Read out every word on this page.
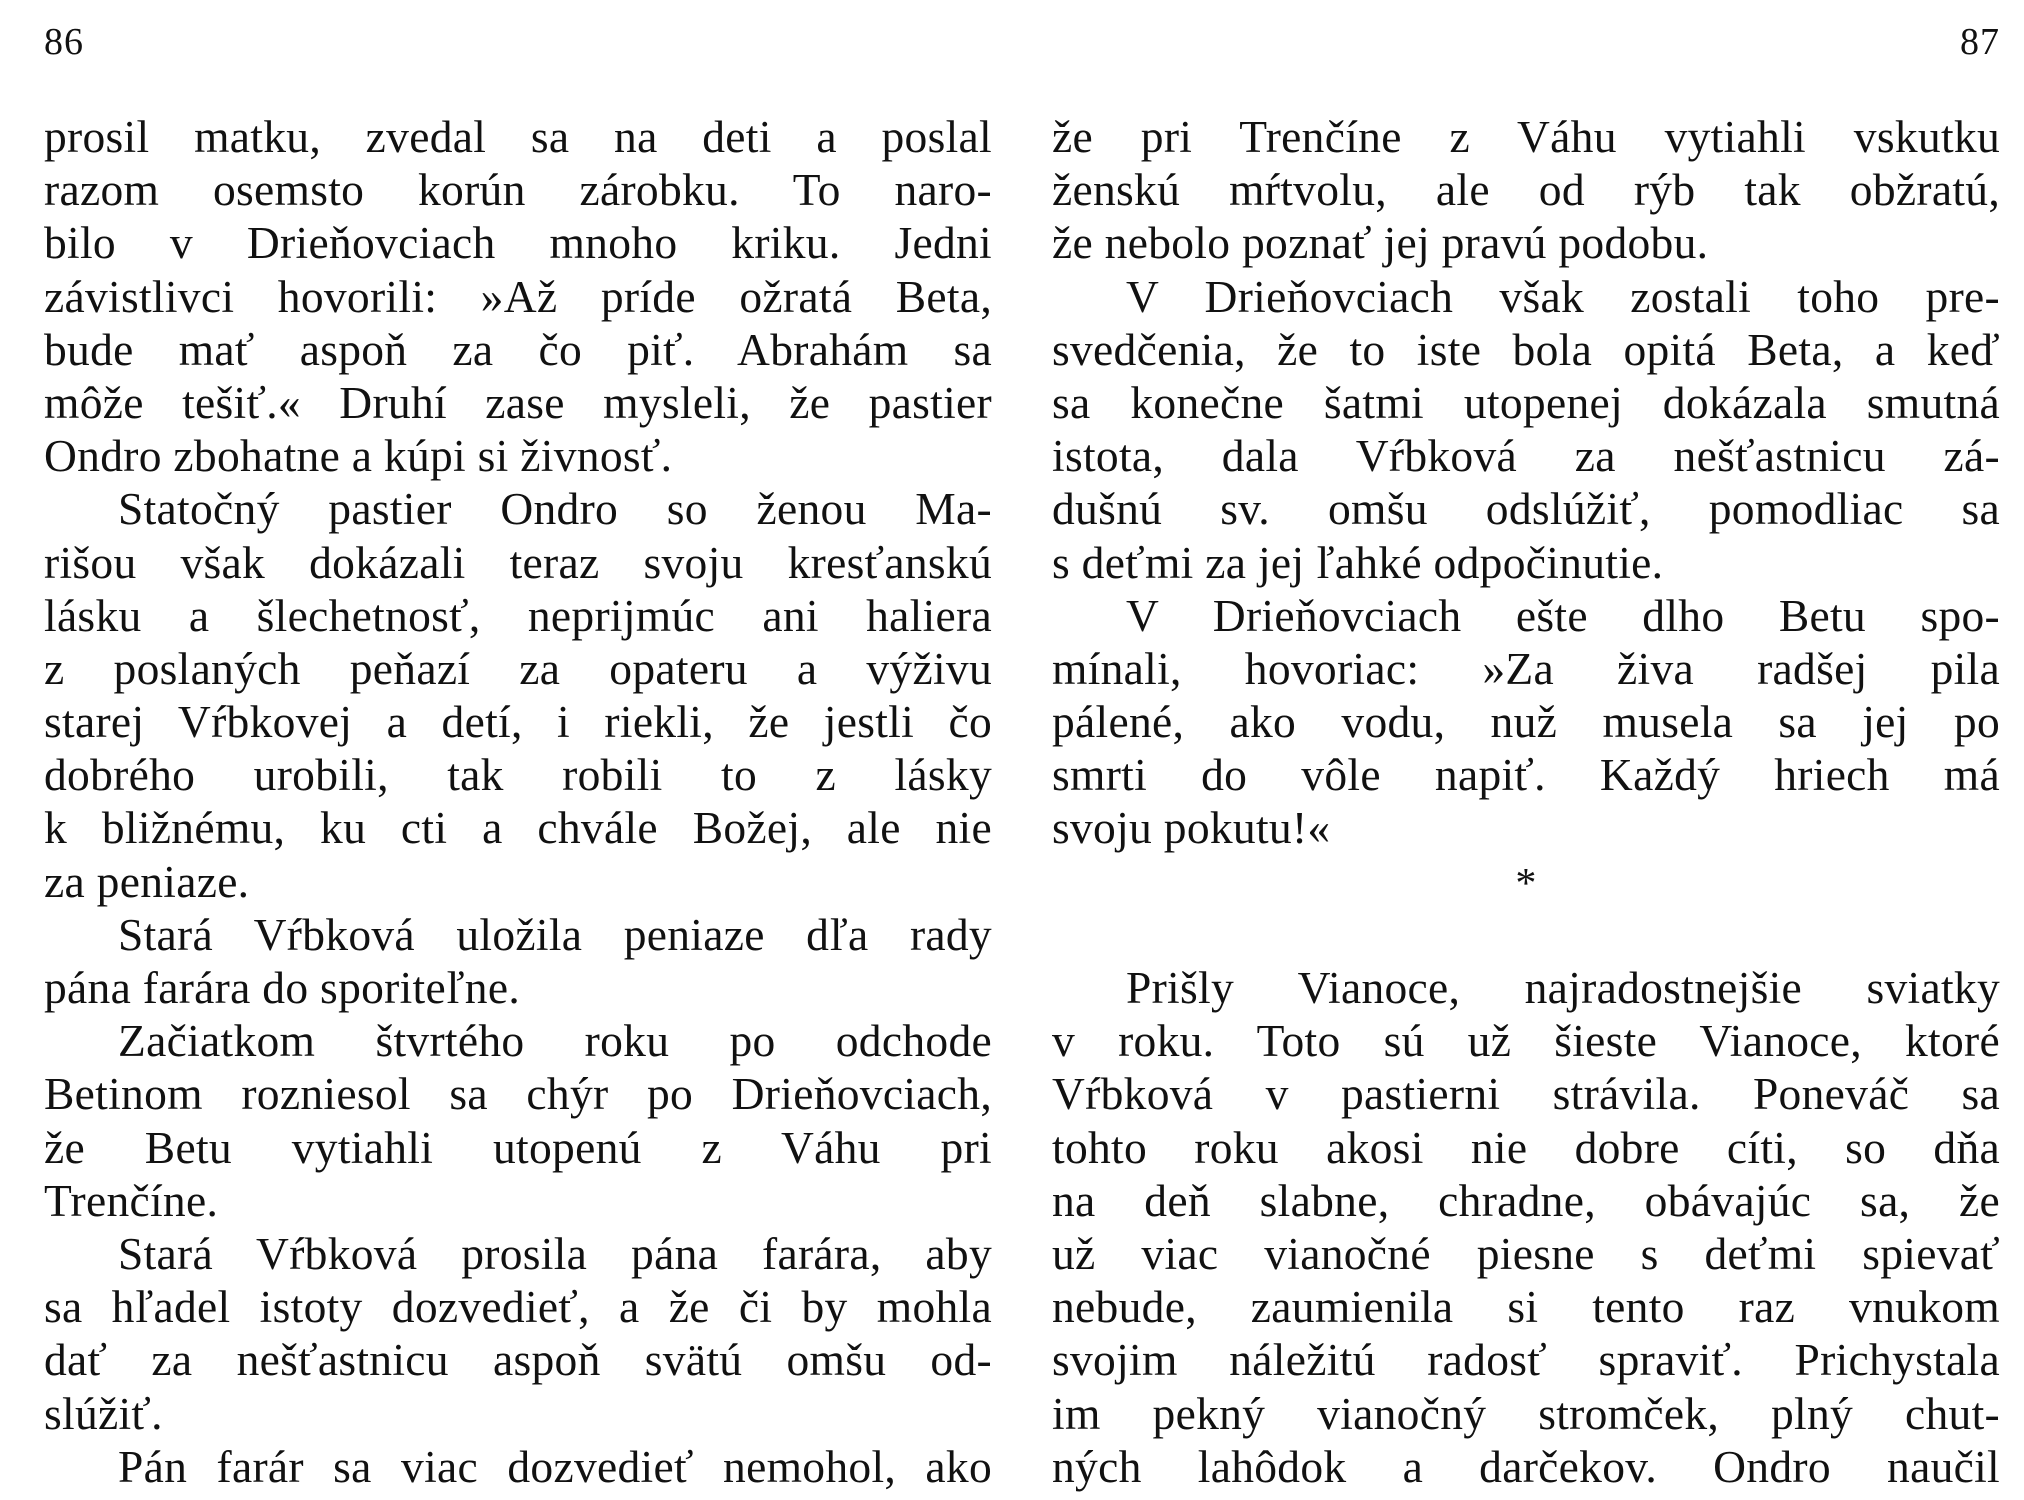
86
prosil matku, zvedal sa na deti a poslal
razom osemsto korún zárobku. To naro-
bilo v Drieňovciach mnoho kriku. Jedni
závistlivci hovorili: »Až príde ožratá Beta,
bude mať aspoň za čo piť. Abrahám sa
môže tešiť.« Druhí zase mysleli, že pastier
Ondro zbohatne a kúpi si živnosť.
Statočný pastier Ondro so ženou Ma-
rišou však dokázali teraz svoju kresťanskú
lásku a šlechetnosť, neprijmúc ani haliera
z poslaných peňazí za opateru a výživu
starej Vŕbkovej a detí, i riekli, že jestli čo
dobrého urobili, tak robili to z lásky
k bližnému, ku cti a chvále Božej, ale nie
za peniaze.
Stará Vŕbková uložila peniaze dľa rady
pána farára do sporiteľne.
Začiatkom štvrtého roku po odchode
Betinom rozniesol sa chýr po Drieňovciach,
že Betu vytiahli utopenú z Váhu pri
Trenčíne.
Stará Vŕbková prosila pána farára, aby
sa hľadel istoty dozvedieť, a že či by mohla
dať za nešťastnicu aspoň svätú omšu od-
slúžiť.
Pán farár sa viac dozvedieť nemohol, ako
87
že pri Trenčíne z Váhu vytiahli vskutku
ženskú mŕtvolu, ale od rýb tak obžratú,
že nebolo poznať jej pravú podobu.
V Drieňovciach však zostali toho pre-
svedčenia, že to iste bola opitá Beta, a keď
sa konečne šatmi utopenej dokázala smutná
istota, dala Vŕbková za nešťastnicu zá-
dušnú sv. omšu odslúžiť, pomodliac sa
s deťmi za jej ľahké odpočinutie.
V Drieňovciach ešte dlho Betu spo-
mínali, hovoriac: »Za živa radšej pila
pálené, ako vodu, nuž musela sa jej po
smrti do vôle napiť. Každý hriech má
svoju pokutu!«
*
Prišly Vianoce, najradostnejšie sviatky
v roku. Toto sú už šieste Vianoce, ktoré
Vŕbková v pastierni strávila. Poneváč sa
tohto roku akosi nie dobre cíti, so dňa
na deň slabne, chradne, obávajúc sa, že
už viac vianočné piesne s deťmi spievať
nebude, zaumienila si tento raz vnukom
svojim náležitú radosť spraviť. Prichystala
im pekný vianočný stromček, plný chut-
ných lahôdok a darčekov. Ondro naučil
